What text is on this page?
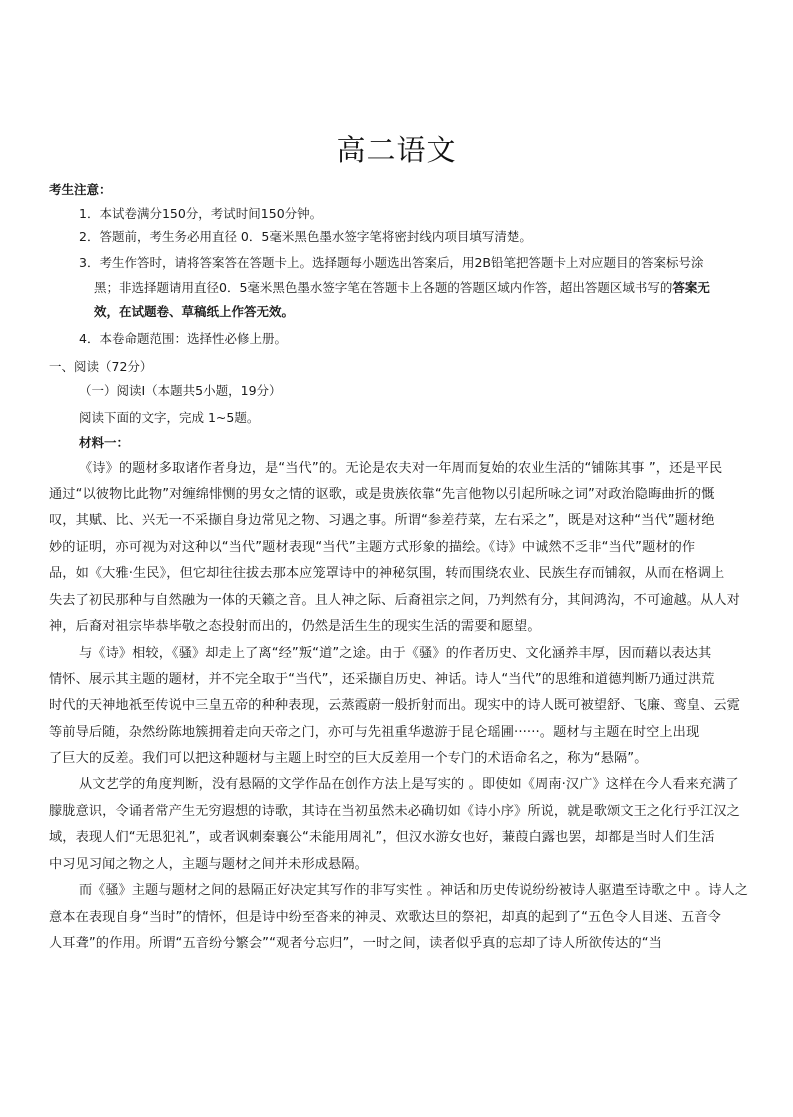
高二语文
考生注意：
1．本试卷满分150分，考试时间150分钟。
2．答题前，考生务必用直径 0．5毫米黑色墨水签字笔将密封线内项目填写清楚。
3．考生作答时，请将答案答在答题卡上。选择题每小题选出答案后，用2B铅笔把答题卡上对应题目的答案标号涂
黑；非选择题请用直径0．5毫米黑色墨水签字笔在答题卡上各题的答题区域内作答，超出答题区域书写的答案无
效，在试题卷、草稿纸上作答无效。
4．本卷命题范围：选择性必修上册。
一、阅读（72分）
（一）阅读Ⅰ（本题共5小题，19分）
阅读下面的文字，完成 1~5题。
材料一：
《诗》的题材多取诸作者身边，是“当代”的。无论是农夫对一年周而复始的农业生活的“铺陈其事 ”，还是平民
通过“以彼物比此物”对缠绵悱恻的男女之情的讴歌，或是贵族依靠“先言他物以引起所咏之词”对政治隐晦曲折的慨
叹，其赋、比、兴无一不采撷自身边常见之物、习遇之事。所谓“参差荇菜，左右采之”，既是对这种“当代”题材绝
妙的证明，亦可视为对这种以“当代”题材表现“当代”主题方式形象的描绘。《诗》中诚然不乏非“当代”题材的作
品，如《大雅·生民》，但它却往往拔去那本应笼罩诗中的神秘氛围，转而围绕农业、民族生存而铺叙，从而在格调上
失去了初民那种与自然融为一体的天籁之音。且人神之际、后裔祖宗之间，乃判然有分，其间鸿沟，不可逾越。从人对
神，后裔对祖宗毕恭毕敬之态投射而出的，仍然是活生生的现实生活的需要和愿望。
与《诗》相较，《骚》却走上了离“经”叛“道”之途。由于《骚》的作者历史、文化涵养丰厚，因而藉以表达其
情怀、展示其主题的题材，并不完全取于“当代”，还采撷自历史、神话。诗人“当代”的思维和道德判断乃通过洪荒
时代的天神地祇至传说中三皇五帝的种种表现，云蒸霞蔚一般折射而出。现实中的诗人既可被望舒、飞廉、鸾皇、云霓
等前导后随，杂然纷陈地簇拥着走向天帝之门，亦可与先祖重华遨游于昆仑瑶圃······。题材与主题在时空上出现
了巨大的反差。我们可以把这种题材与主题上时空的巨大反差用一个专门的术语命名之，称为“悬隔”。
从文艺学的角度判断，没有悬隔的文学作品在创作方法上是写实的 。即使如《周南·汉广》这样在今人看来充满了
朦胧意识，令诵者常产生无穷遐想的诗歌，其诗在当初虽然未必确切如《诗小序》所说，就是歌颂文王之化行乎江汉之
域，表现人们“无思犯礼”，或者讽刺秦襄公“未能用周礼”，但汉水游女也好，蒹葭白露也罢，却都是当时人们生活
中习见习闻之物之人，主题与题材之间并未形成悬隔。
而《骚》主题与题材之间的悬隔正好决定其写作的非写实性 。神话和历史传说纷纷被诗人驱遣至诗歌之中 。诗人之
意本在表现自身“当时”的情怀，但是诗中纷至沓来的神灵、欢歌达旦的祭祀，却真的起到了“五色令人目迷、五音令
人耳聋”的作用。所谓“五音纷兮繁会”“观者兮忘归”，一时之间，读者似乎真的忘却了诗人所欲传达的“当
